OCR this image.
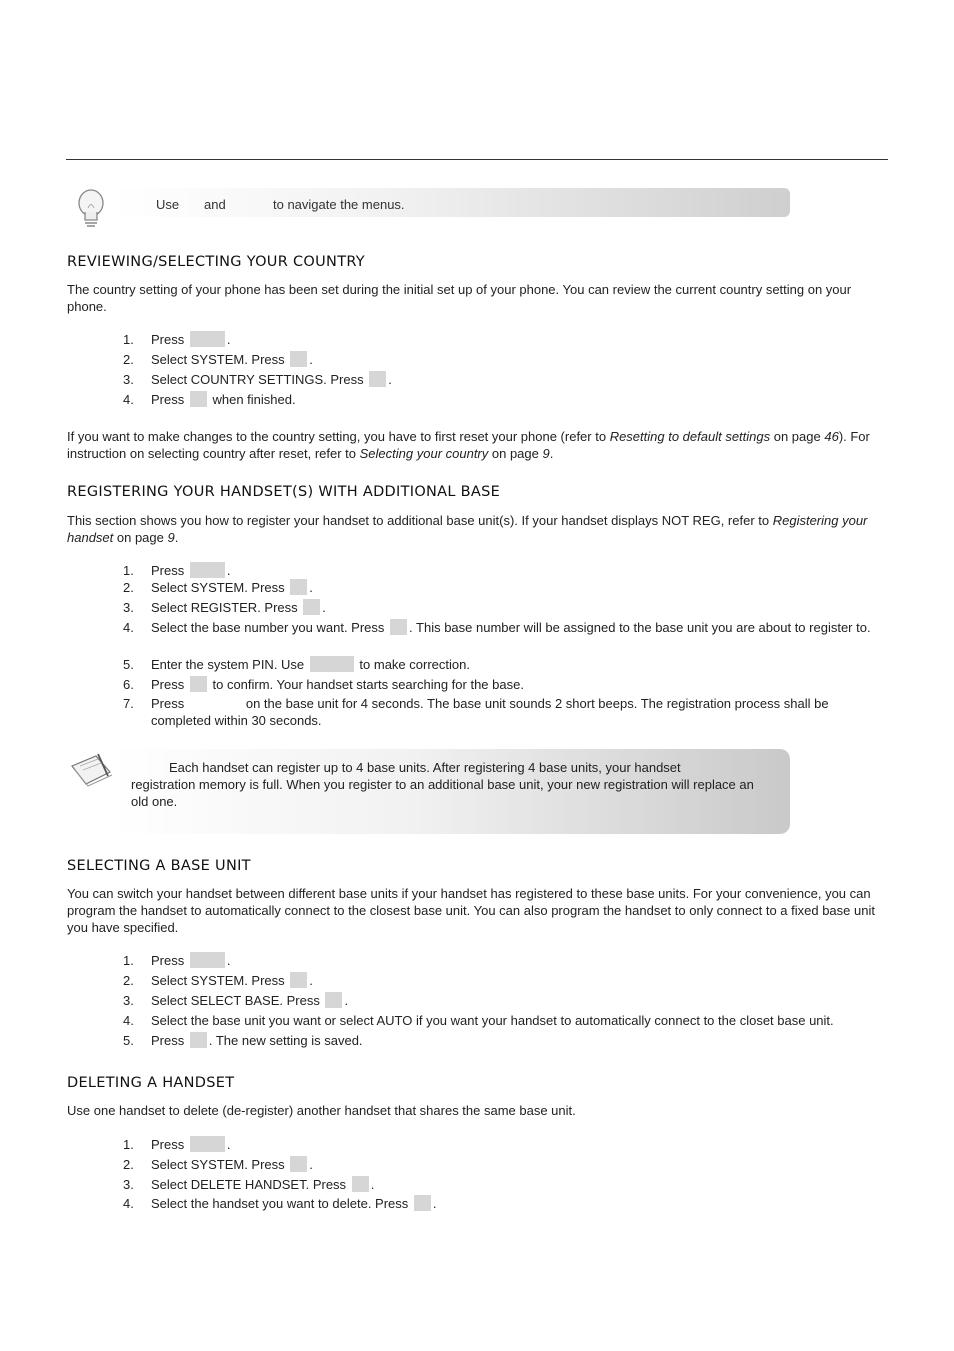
Use and	to navigate the menus.
REVIEWING/SELECTING YOUR COUNTRY
The country setting of your phone has been set during the initial set up of your phone. You can review the current country setting on your phone.
1. Press	.
2. Select SYSTEM. Press .
3. Select COUNTRY SETTINGS. Press .
4. Press when finished.
If you want to make changes to the country setting, you have to first reset your phone (refer to Resetting to default settings on page 46). For instruction on selecting country after reset, refer to Selecting your country on page 9.
REGISTERING YOUR HANDSET(S) WITH ADDITIONAL BASE
This section shows you how to register your handset to additional base unit(s). If your handset displays NOT REG, refer to Registering your handset on page 9.
1. Press	.
2. Select SYSTEM. Press .
3. Select REGISTER. Press .
4. Select the base number you want. Press . This base number will be assigned to the base unit you are about to register to.
5. Enter the system PIN. Use	to make correction.
6. Press to confirm. Your handset starts searching for the base.
7. Press	on the base unit for 4 seconds. The base unit sounds 2 short beeps. The registration process shall be completed within 30 seconds.
Each handset can register up to 4 base units. After registering 4 base units, your handset
registration memory is full. When you register to an additional base unit, your new registration will replace an old one.
SELECTING A BASE UNIT
You can switch your handset between different base units if your handset has registered to these base units. For your convenience, you can program the handset to automatically connect to the closest base unit. You can also program the handset to only connect to a fixed base unit you have specified.
1. Press	.
2. Select SYSTEM. Press .
3. Select SELECT BASE. Press .
4. Select the base unit you want or select AUTO if you want your handset to automatically connect to the closet base unit.
5. Press . The new setting is saved.
DELETING A HANDSET
Use one handset to delete (de-register) another handset that shares the same base unit.
1. Press	.
2. Select SYSTEM. Press .
3. Select DELETE HANDSET. Press .
4. Select the handset you want to delete. Press .
